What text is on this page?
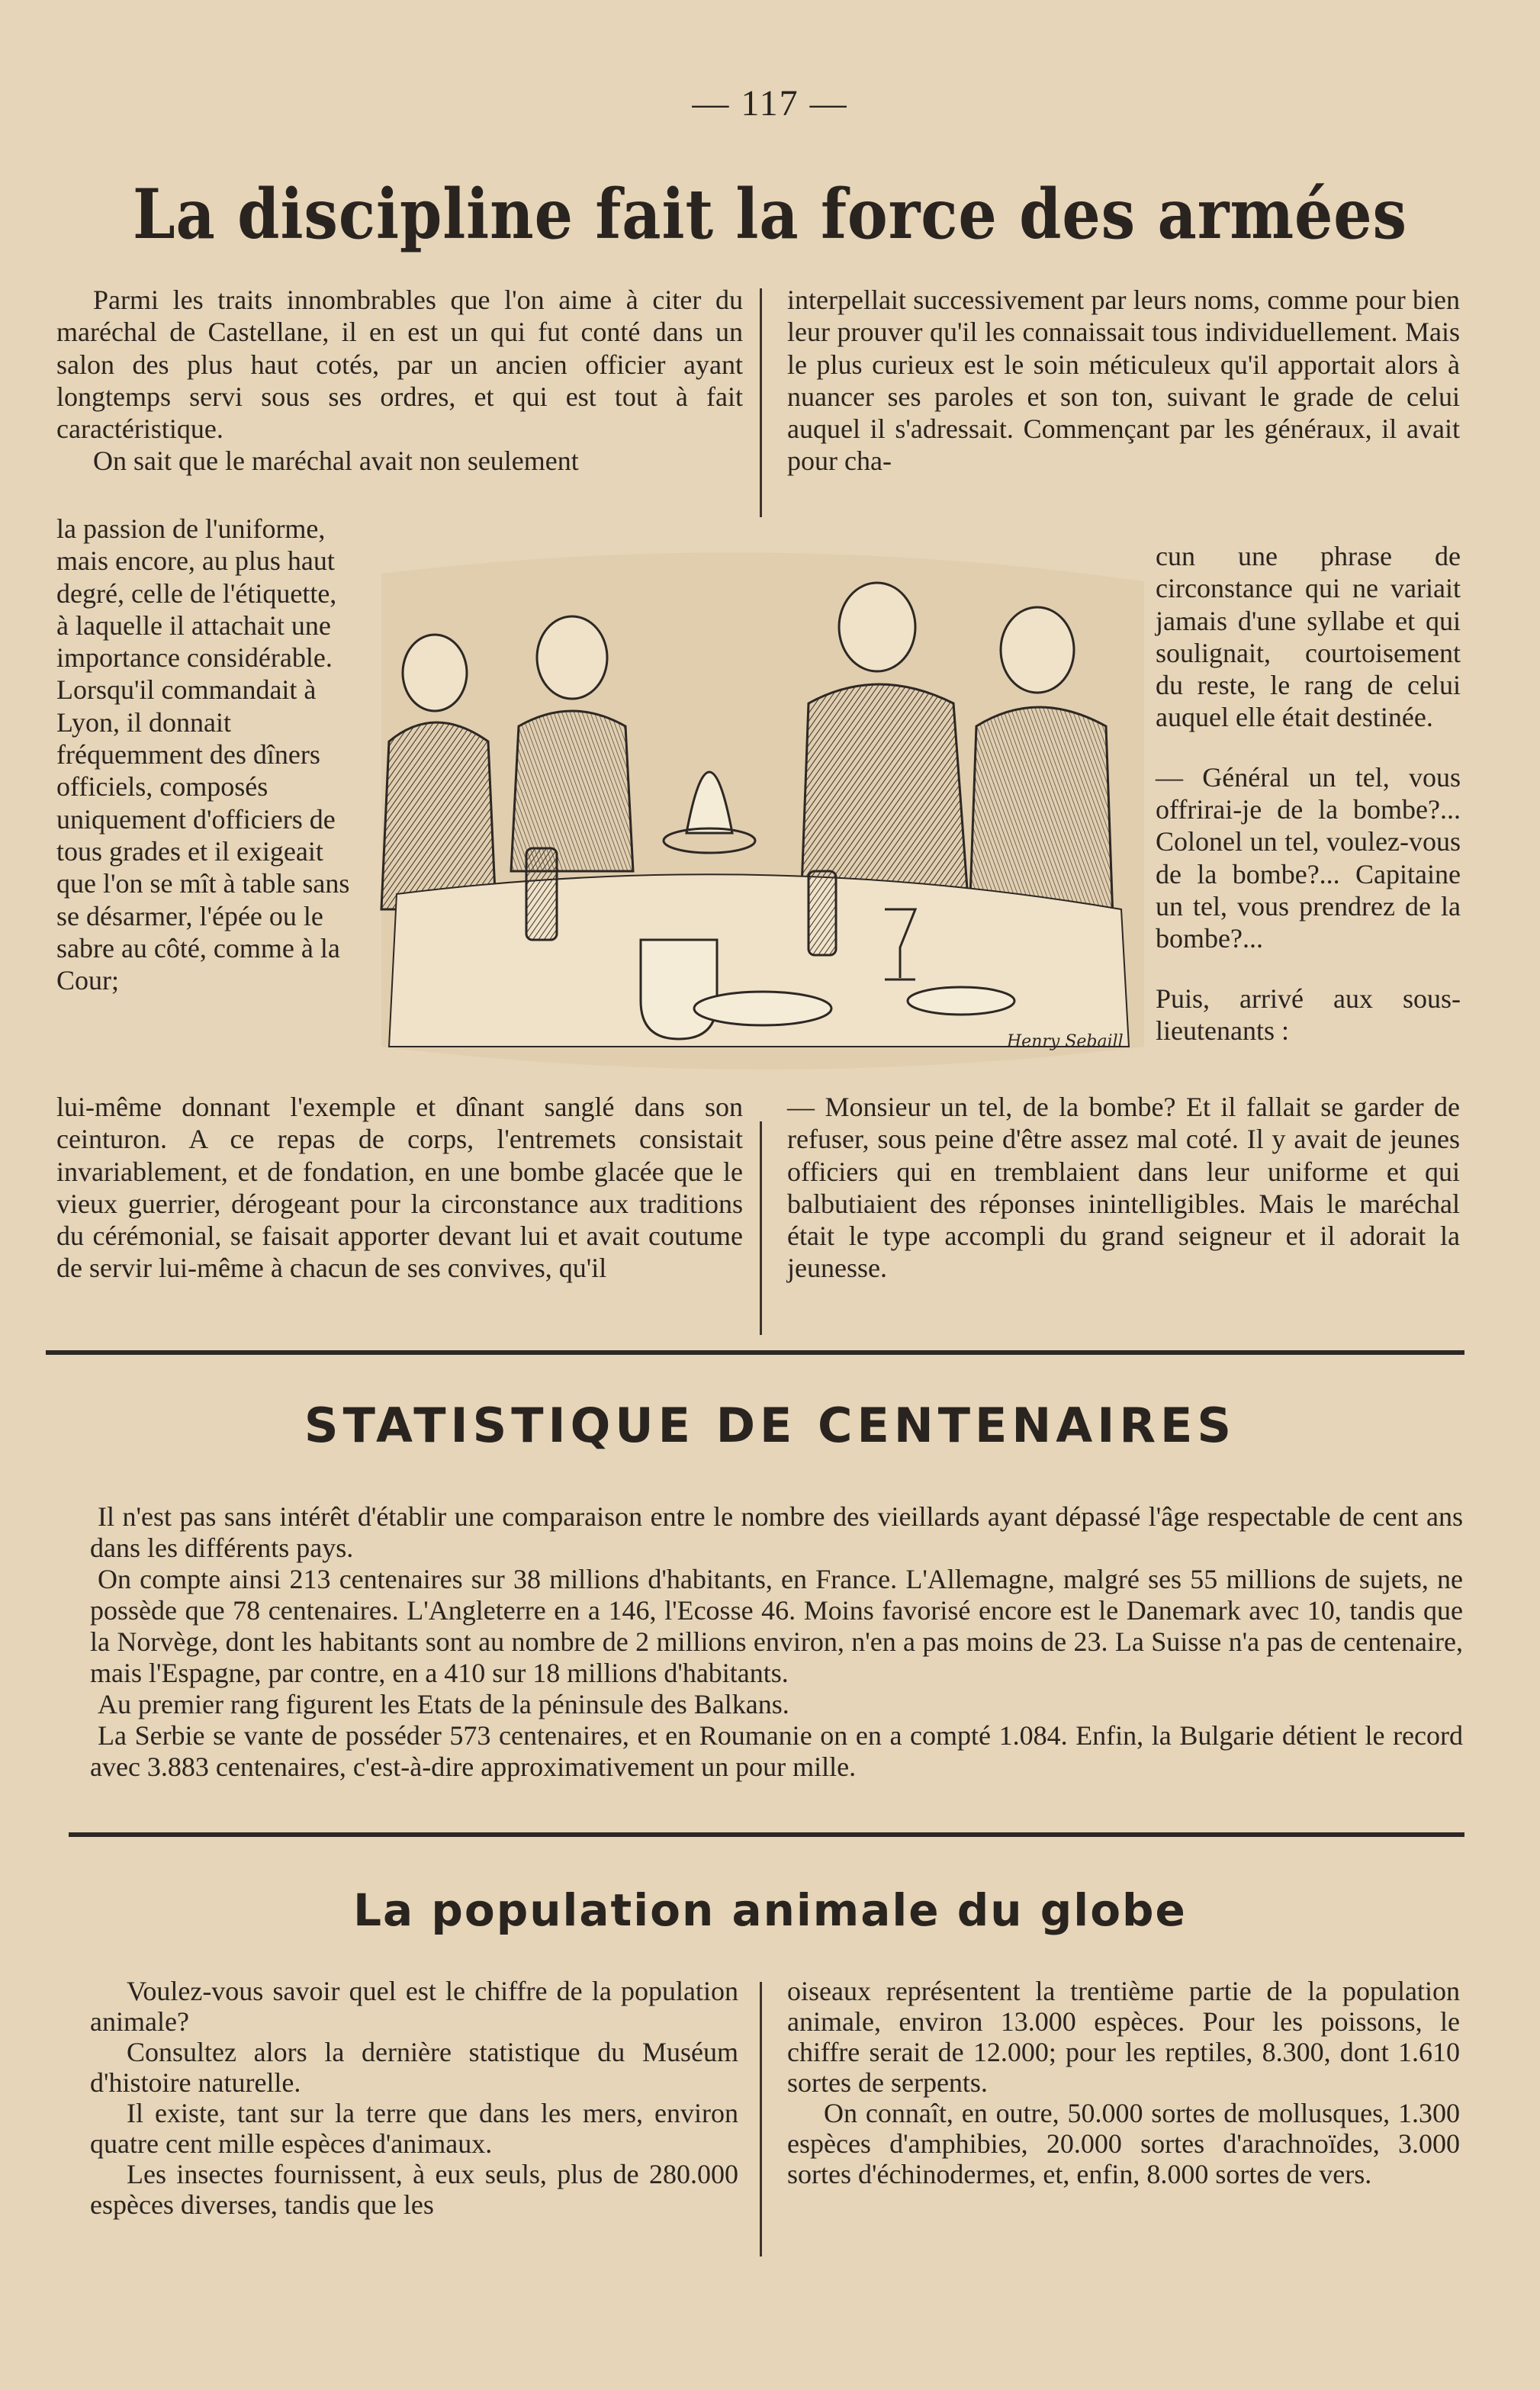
— 117 —
La discipline fait la force des armées

Parmi les traits innombrables que l'on aime à citer du maréchal de Castellane, il en est un qui fut conté dans un salon des plus haut cotés, par un ancien officier ayant longtemps servi sous ses ordres, et qui est tout à fait caractéristique.

On sait que le maréchal avait non seulement

interpellait successivement par leurs noms, comme pour bien leur prouver qu'il les connaissait tous individuellement. Mais le plus curieux est le soin méticuleux qu'il apportait alors à nuancer ses paroles et son ton, suivant le grade de celui auquel il s'adressait. Commençant par les généraux, il avait pour cha-

Henry Sebaill

la passion de l'uniforme, mais encore, au plus haut degré, celle de l'étiquette, à laquelle il attachait une importance considérable. Lorsqu'il commandait à Lyon, il donnait fréquemment des dîners officiels, composés uniquement d'officiers de tous grades et il exigeait que l'on se mît à table sans se désarmer, l'épée ou le sabre au côté, comme à la Cour;

cun une phrase de circonstance qui ne variait jamais d'une syllabe et qui soulignait, courtoisement du reste, le rang de celui auquel elle était destinée.

— Général un tel, vous offrirai-je de la bombe?... Colonel un tel, voulez-vous de la bombe?... Capitaine un tel, vous prendrez de la bombe?...

Puis, arrivé aux sous-lieutenants :

lui-même donnant l'exemple et dînant sanglé dans son ceinturon. A ce repas de corps, l'entremets consistait invariablement, et de fondation, en une bombe glacée que le vieux guerrier, dérogeant pour la circonstance aux traditions du cérémonial, se faisait apporter devant lui et avait coutume de servir lui-même à chacun de ses convives, qu'il

— Monsieur un tel, de la bombe? Et il fallait se garder de refuser, sous peine d'être assez mal coté. Il y avait de jeunes officiers qui en tremblaient dans leur uniforme et qui balbutiaient des réponses inintelligibles. Mais le maréchal était le type accompli du grand seigneur et il adorait la jeunesse.

STATISTIQUE DE CENTENAIRES

Il n'est pas sans intérêt d'établir une comparaison entre le nombre des vieillards ayant dépassé l'âge respectable de cent ans dans les différents pays.

On compte ainsi 213 centenaires sur 38 millions d'habitants, en France. L'Allemagne, malgré ses 55 millions de sujets, ne possède que 78 centenaires. L'Angleterre en a 146, l'Ecosse 46. Moins favorisé encore est le Danemark avec 10, tandis que la Norvège, dont les habitants sont au nombre de 2 millions environ, n'en a pas moins de 23. La Suisse n'a pas de centenaire, mais l'Espagne, par contre, en a 410 sur 18 millions d'habitants.

Au premier rang figurent les Etats de la péninsule des Balkans.

La Serbie se vante de posséder 573 centenaires, et en Roumanie on en a compté 1.084. Enfin, la Bulgarie détient le record avec 3.883 centenaires, c'est-à-dire approximativement un pour mille.

La population animale du globe

Voulez-vous savoir quel est le chiffre de la population animale?

Consultez alors la dernière statistique du Muséum d'histoire naturelle.

Il existe, tant sur la terre que dans les mers, environ quatre cent mille espèces d'animaux.

Les insectes fournissent, à eux seuls, plus de 280.000 espèces diverses, tandis que les

oiseaux représentent la trentième partie de la population animale, environ 13.000 espèces. Pour les poissons, le chiffre serait de 12.000; pour les reptiles, 8.300, dont 1.610 sortes de serpents.

On connaît, en outre, 50.000 sortes de mollusques, 1.300 espèces d'amphibies, 20.000 sortes d'arachnoïdes, 3.000 sortes d'échinodermes, et, enfin, 8.000 sortes de vers.
